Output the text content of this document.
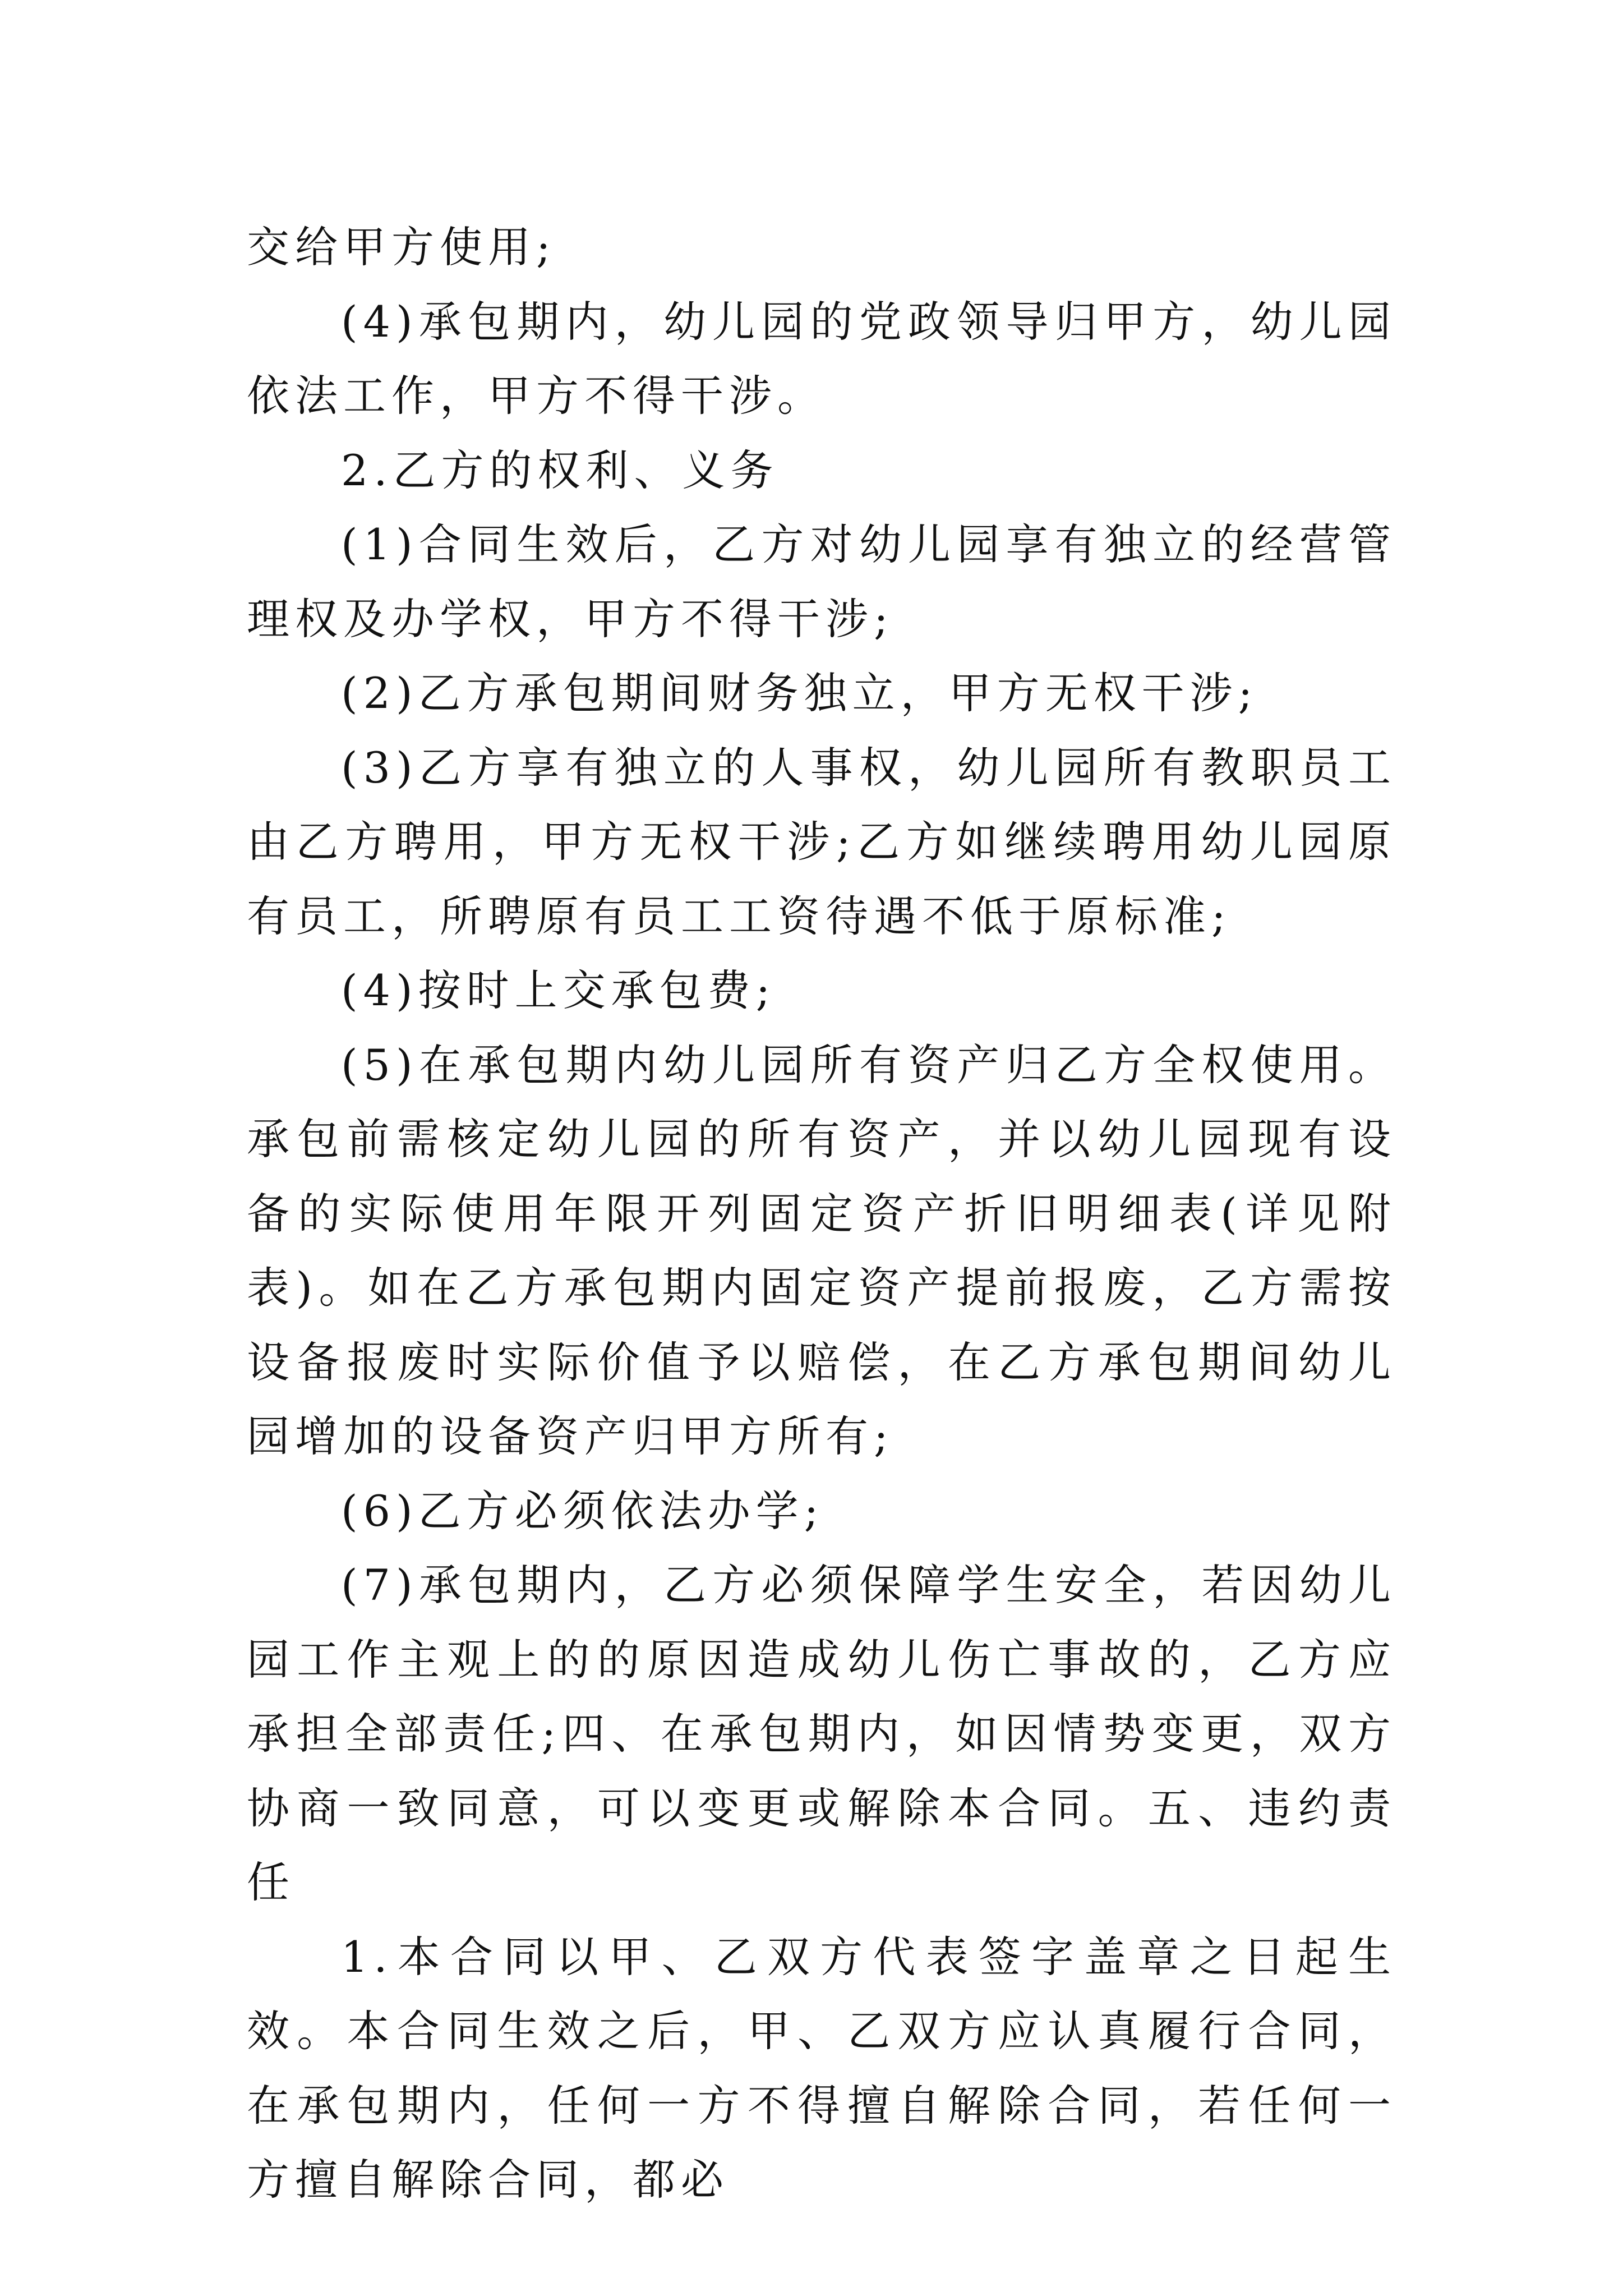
交给甲方使用;

(4)承包期内，幼儿园的党政领导归甲方，幼儿园依法工作，甲方不得干涉。

2.乙方的权利、义务

(1)合同生效后，乙方对幼儿园享有独立的经营管理权及办学权，甲方不得干涉;

(2)乙方承包期间财务独立，甲方无权干涉;

(3)乙方享有独立的人事权，幼儿园所有教职员工由乙方聘用，甲方无权干涉;乙方如继续聘用幼儿园原有员工，所聘原有员工工资待遇不低于原标准;

(4)按时上交承包费;

(5)在承包期内幼儿园所有资产归乙方全权使用。承包前需核定幼儿园的所有资产，并以幼儿园现有设备的实际使用年限开列固定资产折旧明细表(详见附表)。如在乙方承包期内固定资产提前报废，乙方需按设备报废时实际价值予以赔偿，在乙方承包期间幼儿园增加的设备资产归甲方所有;

(6)乙方必须依法办学;

(7)承包期内，乙方必须保障学生安全，若因幼儿园工作主观上的的原因造成幼儿伤亡事故的，乙方应承担全部责任;四、在承包期内，如因情势变更，双方协商一致同意，可以变更或解除本合同。五、违约责任

1.本合同以甲、乙双方代表签字盖章之日起生效。本合同生效之后，甲、乙双方应认真履行合同，在承包期内，任何一方不得擅自解除合同，若任何一方擅自解除合同，都必
